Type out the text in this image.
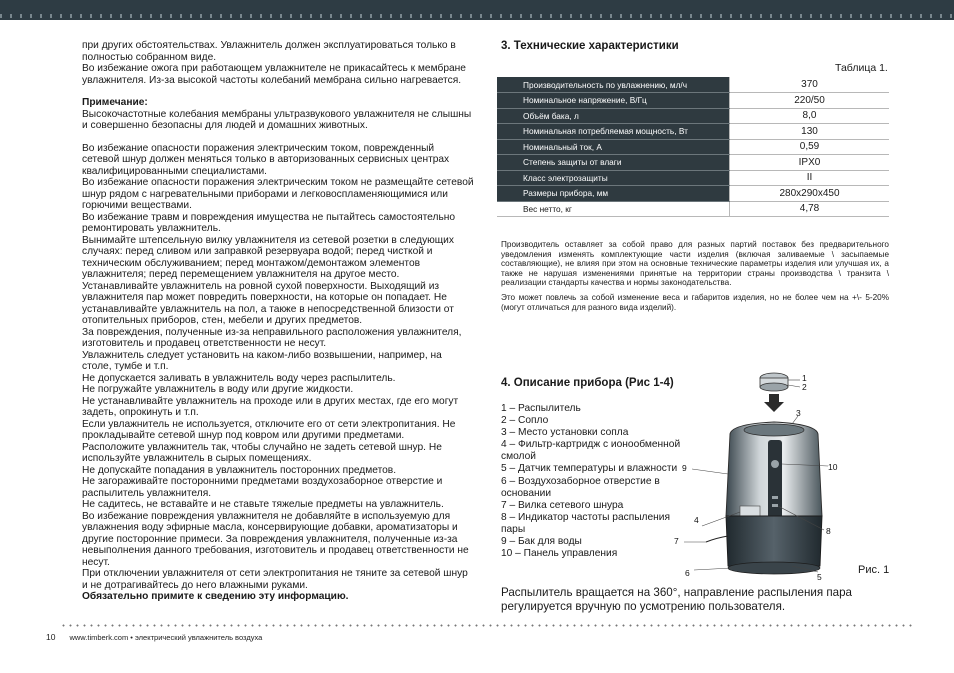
при других обстоятельствах. Увлажнитель должен эксплуатироваться только в полностью собранном виде.

Во избежание ожога при работающем увлажнителе не прикасайтесь к мембране увлажнителя. Из-за высокой частоты колебаний мембрана сильно нагревается.

Примечание:

Высокочастотные колебания мембраны ультразвукового увлажнителя не слышны и совершенно безопасны для людей и домашних животных.

Во избежание опасности поражения электрическим током, поврежденный сетевой шнур должен меняться только в авторизованных сервисных центрах квалифицированными специалистами.

Во избежание опасности поражения электрическим током не размещайте сетевой шнур рядом с нагревательными приборами и легковоспламеняющимися или горючими веществами.

Во избежание травм и повреждения имущества не пытайтесь самостоятельно ремонтировать увлажнитель.

Вынимайте штепсельную вилку увлажнителя из сетевой розетки в следующих случаях: перед сливом или заправкой резервуара водой; перед чисткой и техническим обслуживанием; перед монтажом/демонтажом элементов увлажнителя; перед перемещением увлажнителя на другое место.

Устанавливайте увлажнитель на ровной сухой поверхности. Выходящий из увлажнителя пар может повредить поверхности, на которые он попадает. Не устанавливайте увлажнитель на пол, а также в непосредственной близости от отопительных приборов, стен, мебели и других предметов.

За повреждения, полученные из-за неправильного расположения увлажнителя, изготовитель и продавец ответственности не несут.

Увлажнитель следует установить на каком-либо возвышении, например, на столе, тумбе и т.п.

Не допускается заливать в увлажнитель воду через распылитель.

Не погружайте увлажнитель в воду или другие жидкости.

Не устанавливайте увлажнитель на проходе или в других местах, где его могут задеть, опрокинуть и т.п.

Если увлажнитель не используется, отключите его от сети электропитания. Не прокладывайте сетевой шнур под ковром или другими предметами.

Расположите увлажнитель так, чтобы случайно не задеть сетевой шнур. Не используйте увлажнитель в сырых помещениях.

Не допускайте попадания в увлажнитель посторонних предметов.

Не загораживайте посторонними предметами воздухозаборное отверстие и распылитель увлажнителя.

Не садитесь, не вставайте и не ставьте тяжелые предметы на увлажнитель.

Во избежание повреждения увлажнителя не добавляйте в используемую для увлажнения воду эфирные масла, консервирующие добавки, ароматизаторы и другие посторонние примеси. За повреждения увлажнителя, полученные из-за невыполнения данного требования, изготовитель и продавец ответственности не несут.

При отключении увлажнителя от сети электропитания не тяните за сетевой шнур и не дотрагивайтесь до него влажными руками.

Обязательно примите к сведению эту информацию.

3. Технические характеристики
Таблица 1.
Производительность по увлажнению, мл/ч	370
Номинальное напряжение, В/Гц	220/50
Объём бака, л	8,0
Номинальная потребляемая мощность, Вт	130
Номинальный ток, А	0,59
Степень защиты от влаги	IPX0
Класс электрозащиты	II
Размеры прибора, мм	280х290х450
Вес нетто, кг	4,78
Производитель оставляет за собой право для разных партий поставок без предварительного уведомления изменять комплектующие части изделия (включая заливаемые \ засыпаемые составляющие), не влияя при этом на основные технические параметры изделия или улучшая их, а также не нарушая изменениями принятые на территории страны производства \ транзита \ реализации стандарты качества и нормы законодательства.
Это может повлечь за собой изменение веса и габаритов изделия, но не более чем на +\- 5-20% (могут отличаться для разного вида изделий).
4. Описание прибора (Рис 1-4)
1 – Распылитель
2 – Сопло
3 – Место установки сопла
4 – Фильтр-картридж с ионообменной смолой
5 – Датчик температуры и влажности
6 – Воздухозаборное отверстие в основании
7 – Вилка сетевого шнура
8 – Индикатор частоты распыления пары
9 – Бак для воды
10 – Панель управления
1
2
3
4
5
6
7
8
9	10
Рис. 1
Распылитель вращается на 360°, направление распыления пара регулируется вручную по усмотрению пользователя.
10 www.timberk.com • электрический увлажнитель воздуха
